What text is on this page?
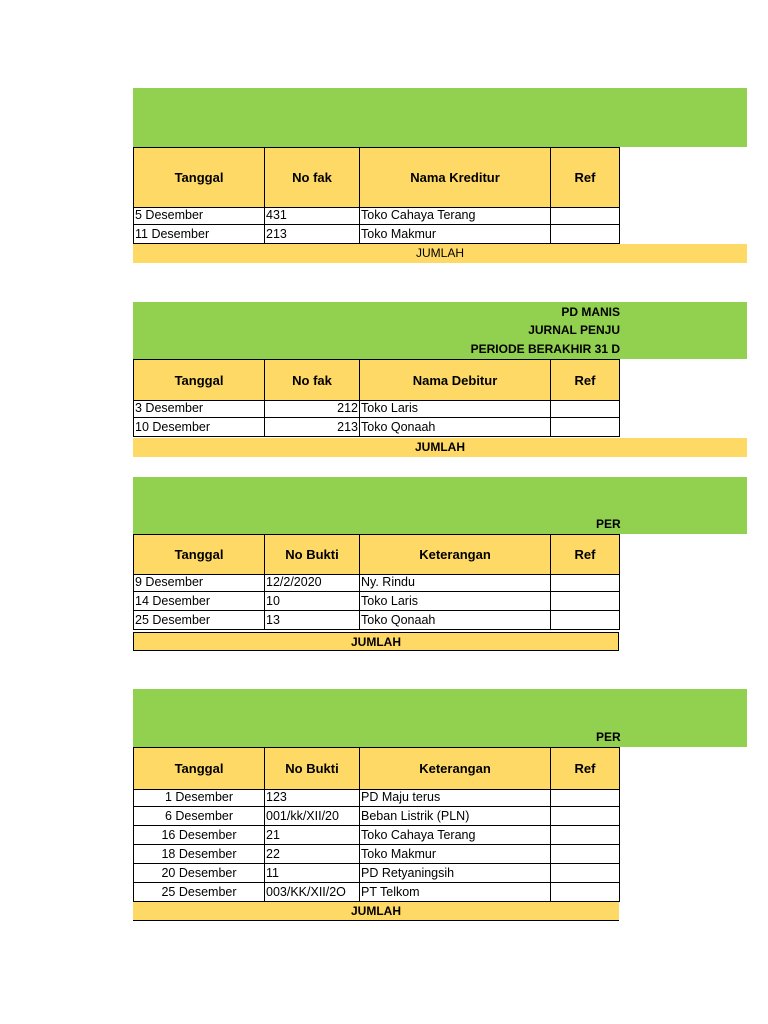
Tanggal	No fak	Nama Kreditur	Ref
5 Desember	431	Toko Cahaya Terang
11 Desember	213	Toko Makmur
JUMLAH
PD MANIS
JURNAL PENJU
PERIODE BERAKHIR 31 D
Tanggal	No fak	Nama Debitur	Ref
3 Desember	212 Toko Laris
10 Desember	213 Toko Qonaah
JUMLAH
PER
Tanggal	No Bukti	Keterangan	Ref
9 Desember	12/2/2020	Ny. Rindu
14 Desember	10	Toko Laris
25 Desember	13	Toko Qonaah
JUMLAH
PER
Tanggal	No Bukti	Keterangan	Ref
1 Desember	123	PD Maju terus
6 Desember	001/kk/XII/20	Beban Listrik (PLN)
16 Desember	21	Toko Cahaya Terang
18 Desember	22	Toko Makmur
20 Desember	11	PD Retyaningsih
25 Desember	003/KK/XII/2O	PT Telkom
JUMLAH
